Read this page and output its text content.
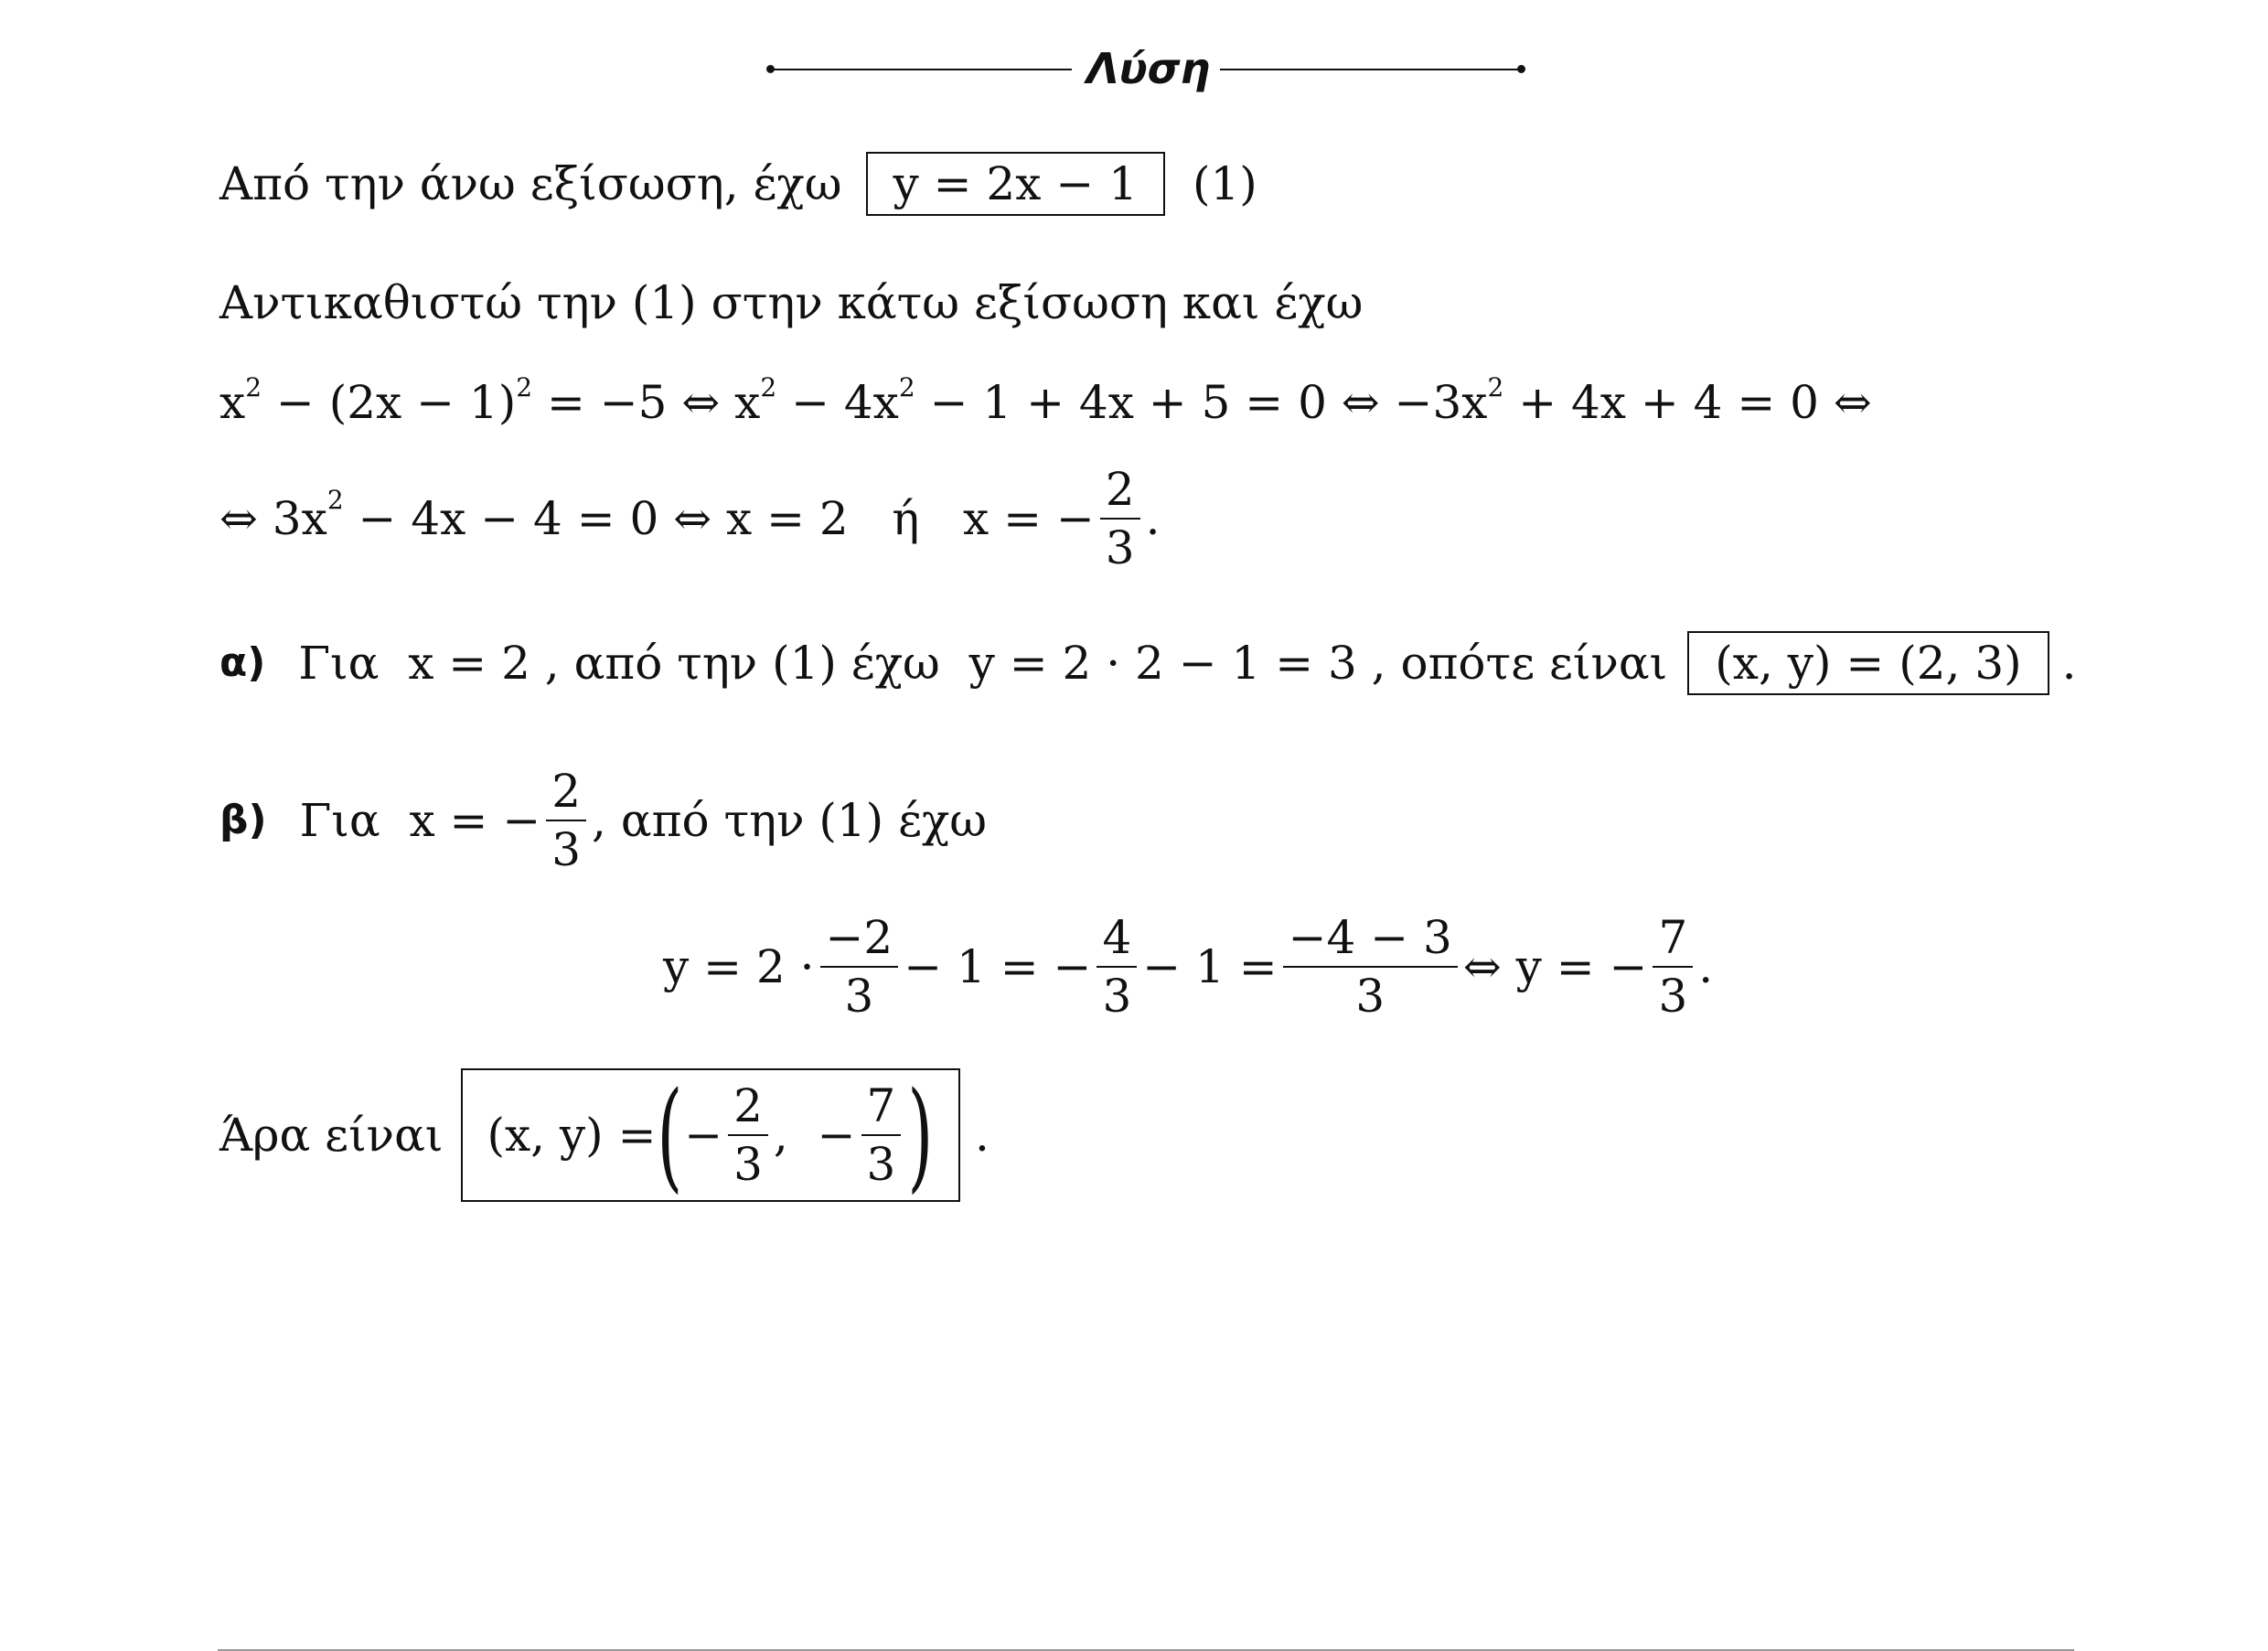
Λύση
Από την άνω εξίσωση, έχω y = 2x − 1 (1)
Αντικαθιστώ την (1) στην κάτω εξίσωση και έχω
$x^2 - (2x - 1)^2 = -5$ ⇔ $x^2 - 4x^2 - 1 + 4x + 5 = 0$ ⇔ $-3x^2 + 4x + 4 = 0$ ⇔
⇔ $3x^2 - 4x - 4 = 0$ ⇔ x = 2   ή   x = − $\frac{2}{3}$ .
α) Για  x = 2 , από την (1) έχω  y = 2 · 2 − 1 = 3 , οπότε είναι (x, y) = (2, 3) .
β) Για  x = − $\frac{2}{3}$ , από την (1) έχω
$y = 2 \cdot \frac{-2}{3} - 1$ = − $\frac{4}{3} - 1 = \frac{-4 - 3}{3}$ ⇔ y = − $\frac{7}{3}$ .
Άρα είναι (x, y) = ( − $\frac{2}{3}$ ,  − $\frac{7}{3}$ ) .
